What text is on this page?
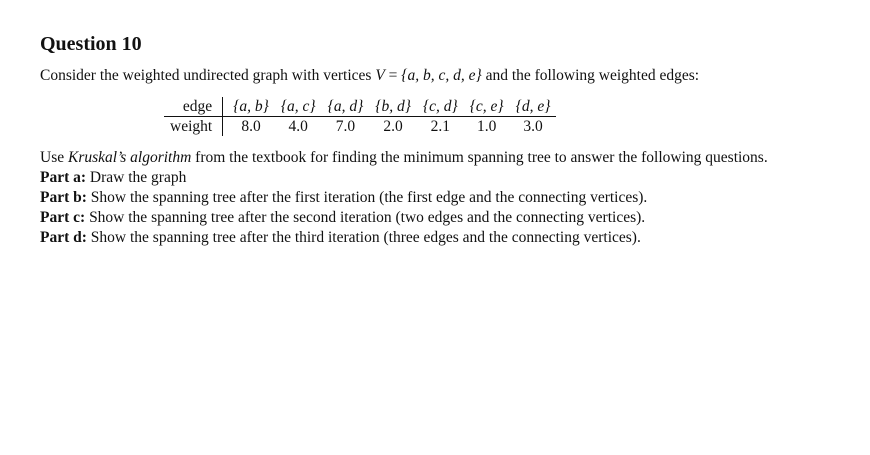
Question 10

Consider the weighted undirected graph with vertices V = {a, b, c, d, e} and the following weighted edges:

edge	{a, b}	{a, c}	{a, d}	{b, d}	{c, d}	{c, e}	{d, e}
weight	8.0	4.0	7.0	2.0	2.1	1.0	3.0

Use Kruskal’s algorithm from the textbook for finding the minimum spanning tree to answer the following questions.

Part a: Draw the graph

Part b: Show the spanning tree after the first iteration (the first edge and the connecting vertices).

Part c: Show the spanning tree after the second iteration (two edges and the connecting vertices).

Part d: Show the spanning tree after the third iteration (three edges and the connecting vertices).
